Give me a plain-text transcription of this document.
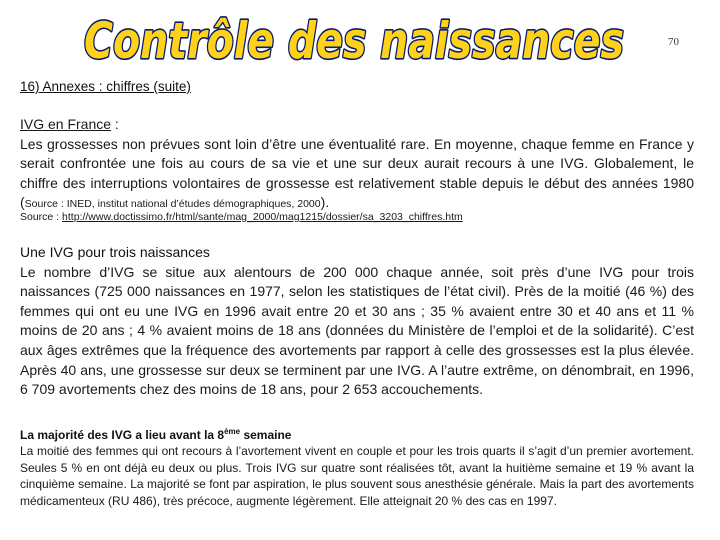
Contrôle des naissances	70
16) Annexes : chiffres (suite)
IVG en France :
Les grossesses non prévues sont loin d’être une éventualité rare. En moyenne, chaque femme en France y serait confrontée une fois au cours de sa vie et une sur deux aurait recours à une IVG. Globalement, le chiffre des interruptions volontaires de grossesse est relativement stable depuis le début des années 1980 (Source : INED, institut national d’études démographiques, 2000).
Source : http://www.doctissimo.fr/html/sante/mag_2000/mag1215/dossier/sa_3203_chiffres.htm
Une IVG pour trois naissances
Le nombre d’IVG se situe aux alentours de 200 000 chaque année, soit près d’une IVG pour trois naissances (725 000 naissances en 1977, selon les statistiques de l’état civil). Près de la moitié (46 %) des femmes qui ont eu une IVG en 1996 avait entre 20 et 30 ans ; 35 % avaient entre 30 et 40 ans et 11 % moins de 20 ans ; 4 % avaient moins de 18 ans (données du Ministère de l’emploi et de la solidarité). C’est aux âges extrêmes que la fréquence des avortements par rapport à celle des grossesses est la plus élevée. Après 40 ans, une grossesse sur deux se terminent par une IVG. A l’autre extrême, on dénombrait, en 1996, 6 709 avortements chez des moins de 18 ans, pour 2 653 accouchements.
La majorité des IVG a lieu avant la 8ème semaine
La moitié des femmes qui ont recours à l’avortement vivent en couple et pour les trois quarts il s’agit d’un premier avortement. Seules 5 % en ont déjà eu deux ou plus. Trois IVG sur quatre sont réalisées tôt, avant la huitième semaine et 19 % avant la cinquième semaine. La majorité se font par aspiration, le plus souvent sous anesthésie générale. Mais la part des avortements médicamenteux (RU 486), très précoce, augmente légèrement. Elle atteignait 20 % des cas en 1997.
